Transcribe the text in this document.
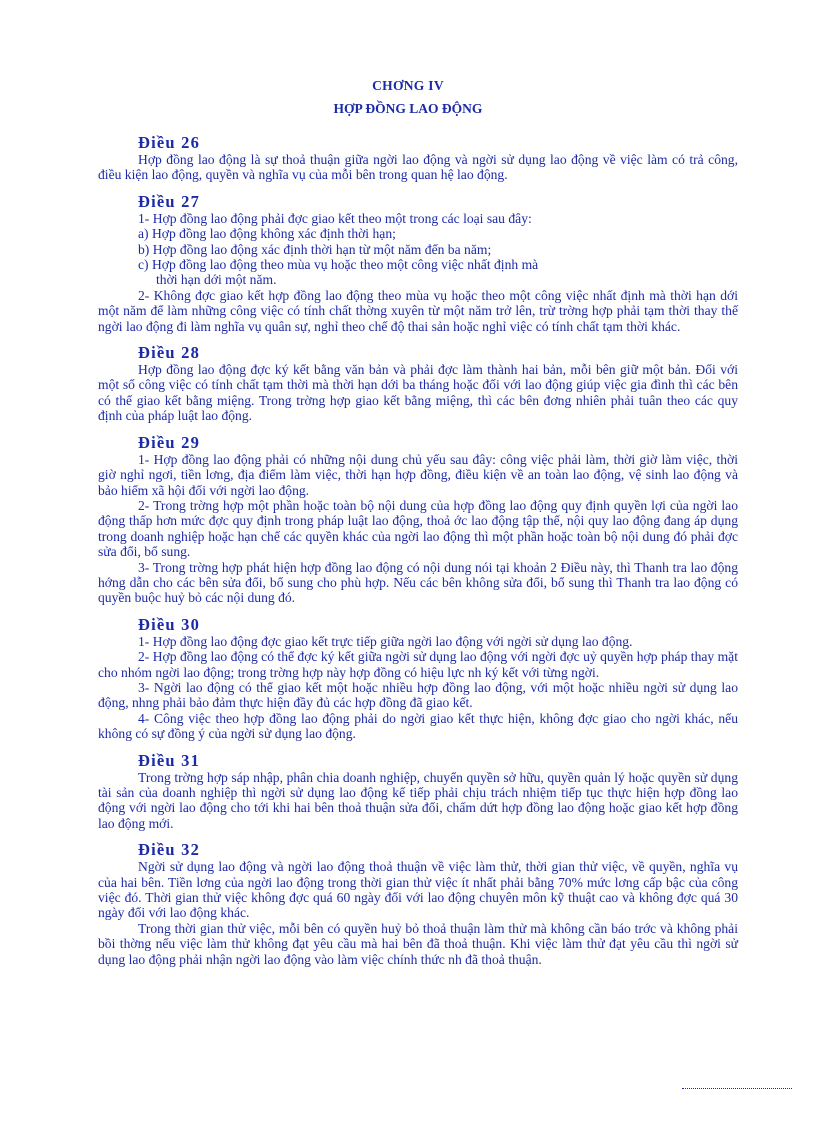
CHƠNG IV
HỢP ĐỒNG LAO ĐỘNG
Điều 26

Hợp đồng lao động là sự thoả thuận giữa ngời lao động và ngời sử dụng lao động về việc làm có trả công, điều kiện lao động, quyền và nghĩa vụ của mỗi bên trong quan hệ lao động.

Điều 27

1- Hợp đồng lao động phải đợc giao kết theo một trong các loại sau đây:

a) Hợp đồng lao động không xác định thời hạn;

b) Hợp đồng lao động xác định thời hạn từ một năm đến ba năm;

c) Hợp đồng lao động theo mùa vụ hoặc theo một công việc nhất định mà

thời hạn dới một năm.

2- Không đợc giao kết hợp đồng lao động theo mùa vụ hoặc theo một công việc nhất định mà thời hạn dới một năm để làm những công việc có tính chất thờng xuyên từ một năm trở lên, trừ trờng hợp phải tạm thời thay thế ngời lao động đi làm nghĩa vụ quân sự, nghỉ theo chế độ thai sản hoặc nghỉ việc có tính chất tạm thời khác.

Điều 28

Hợp đồng lao động đợc ký kết bằng văn bản và phải đợc làm thành hai bản, mỗi bên giữ một bản. Đối với một số công việc có tính chất tạm thời mà thời hạn dới ba tháng hoặc đối với lao động giúp việc gia đình thì các bên có thể giao kết bằng miệng. Trong trờng hợp giao kết bằng miệng, thì các bên đơng nhiên phải tuân theo các quy định của pháp luật lao động.

Điều 29

1- Hợp đồng lao động phải có những nội dung chủ yếu sau đây: công việc phải làm, thời giờ làm việc, thời giờ nghỉ ngơi, tiền lơng, địa điểm làm việc, thời hạn hợp đồng, điều kiện về an toàn lao động, vệ sinh lao động và bảo hiểm xã hội đối với ngời lao động.

2- Trong trờng hợp một phần hoặc toàn bộ nội dung của hợp đồng lao động quy định quyền lợi của ngời lao động thấp hơn mức đợc quy định trong pháp luật lao động, thoả ớc lao động tập thể, nội quy lao động đang áp dụng trong doanh nghiệp hoặc hạn chế các quyền khác của ngời lao động thì một phần hoặc toàn bộ nội dung đó phải đợc sửa đổi, bổ sung.

3- Trong trờng hợp phát hiện hợp đồng lao động có nội dung nói tại khoản 2 Điều này, thì Thanh tra lao động hớng dẫn cho các bên sửa đổi, bổ sung cho phù hợp. Nếu các bên không sửa đổi, bổ sung thì Thanh tra lao động có quyền buộc huỷ bỏ các nội dung đó.

Điều 30

1- Hợp đồng lao động đợc giao kết trực tiếp giữa ngời lao động với ngời sử dụng lao động.

2- Hợp đồng lao động có thể đợc ký kết giữa ngời sử dụng lao động với ngời đợc uỷ quyền hợp pháp thay mặt cho nhóm ngời lao động; trong trờng hợp này hợp đồng có hiệu lực nh ký kết với từng ngời.

3- Ngời lao động có thể giao kết một hoặc nhiều hợp đồng lao động, với một hoặc nhiều ngời sử dụng lao động, nhng phải bảo đảm thực hiện đầy đủ các hợp đồng đã giao kết.

4- Công việc theo hợp đồng lao động phải do ngời giao kết thực hiện, không đợc giao cho ngời khác, nếu không có sự đồng ý của ngời sử dụng lao động.

Điều 31

Trong trờng hợp sáp nhập, phân chia doanh nghiệp, chuyển quyền sở hữu, quyền quản lý hoặc quyền sử dụng tài sản của doanh nghiệp thì ngời sử dụng lao động kế tiếp phải chịu trách nhiệm tiếp tục thực hiện hợp đồng lao động với ngời lao động cho tới khi hai bên thoả thuận sửa đổi, chấm dứt hợp đồng lao động hoặc giao kết hợp đồng lao động mới.

Điều 32

Ngời sử dụng lao động và ngời lao động thoả thuận về việc làm thử, thời gian thử việc, về quyền, nghĩa vụ của hai bên. Tiền lơng của ngời lao động trong thời gian thử việc ít nhất phải bằng 70% mức lơng cấp bậc của công việc đó. Thời gian thử việc không đợc quá 60 ngày đối với lao động chuyên môn kỹ thuật cao và không đợc quá 30 ngày đối với lao động khác.

Trong thời gian thử việc, mỗi bên có quyền huỷ bỏ thoả thuận làm thử mà không cần báo trớc và không phải bồi thờng nếu việc làm thử không đạt yêu cầu mà hai bên đã thoả thuận. Khi việc làm thử đạt yêu cầu thì ngời sử dụng lao động phải nhận ngời lao động vào làm việc chính thức nh đã thoả thuận.
